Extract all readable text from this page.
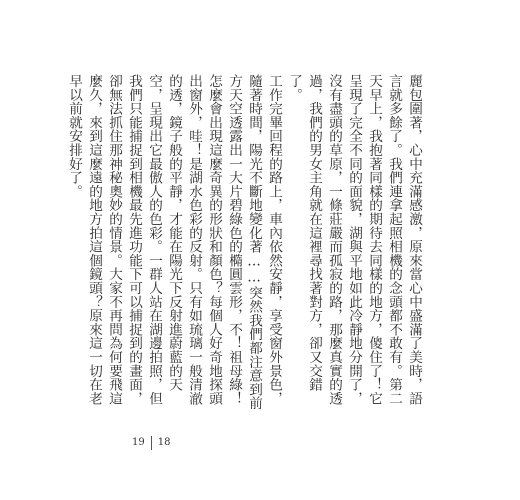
麗包圍著，心中充滿感激，原來當心中盛滿了美時，語言就多餘了。我們連拿起照相機的念頭都不敢有。第二天早上，我抱著同樣的期待去同樣的地方，傻住了！它呈現了完全不同的面貌，湖與平地如此冷靜地分開了，沒有盡頭的草原，一條莊嚴而孤寂的路，那麼真實的透過，我們的男女主角就在這裡尋找著對方，卻又交錯了。

工作完畢回程的路上，車內依然安靜，享受窗外景色，隨著時間，陽光不斷地變化著……突然我們都注意到前方天空透露出一大片碧綠色的橢圓雲形，不！祖母綠！怎麼會出現這麼奇異的形狀和顏色？每個人好奇地探頭出窗外，哇！是湖水色彩的反射。只有如琉璃一般清澈的透，鏡子般的平靜，才能在陽光下反射進蔚藍的天空，呈現出它最傲人的色彩。一群人站在湖邊拍照，但我們只能捕捉到相機最先進功能下可以捕捉到的畫面，卻無法抓住那神秘奧妙的情景。大家不再問為何要飛這麼久，來到這麼遠的地方拍這個鏡頭？原來這一切在老早以前就安排好了。

19 18
